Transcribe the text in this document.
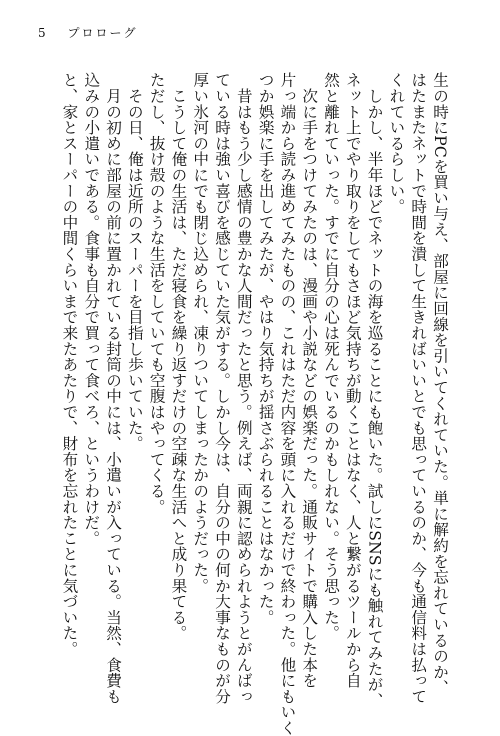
5 プロローグ
生の時にPCを買い与え、部屋に回線を引いてくれていた。単に解約を忘れているのか、
はたまたネットで時間を潰して生きればいいとでも思っているのか、今も通信料は払って
くれているらしい。
　しかし、半年ほどでネットの海を巡ることにも飽いた。試しにSNSにも触れてみたが、
ネット上でやり取りをしてもさほど気持ちが動くことはなく、人と繋がるツールから自
然と離れていった。すでに自分の心は死んでいるのかもしれない。そう思った。
　次に手をつけてみたのは、漫画や小説などの娯楽だった。通販サイトで購入した本を
片っ端から読み進めてみたものの、これはただ内容を頭に入れるだけで終わった。他にもいく
つか娯楽に手を出してみたが、やはり気持ちが揺さぶられることはなかった。
　昔はもう少し感情の豊かな人間だったと思う。例えば、両親に認められようとがんばっ
ている時は強い喜びを感じていた気がする。しかし今は、自分の中の何か大事なものが分
厚い氷河の中にでも閉じ込められ、凍りついてしまったかのようだった。
　こうして俺の生活は、ただ寝食を繰り返すだけの空疎な生活へと成り果てる。
ただし、抜け殻のような生活をしていても空腹はやってくる。
　その日、俺は近所のスーパーを目指し歩いていた。
　月の初めに部屋の前に置かれている封筒の中には、小遣いが入っている。当然、食費も
込みの小遣いである。食事も自分で買って食べろ、というわけだ。
と、家とスーパーの中間くらいまで来たあたりで、財布を忘れたことに気づいた。
